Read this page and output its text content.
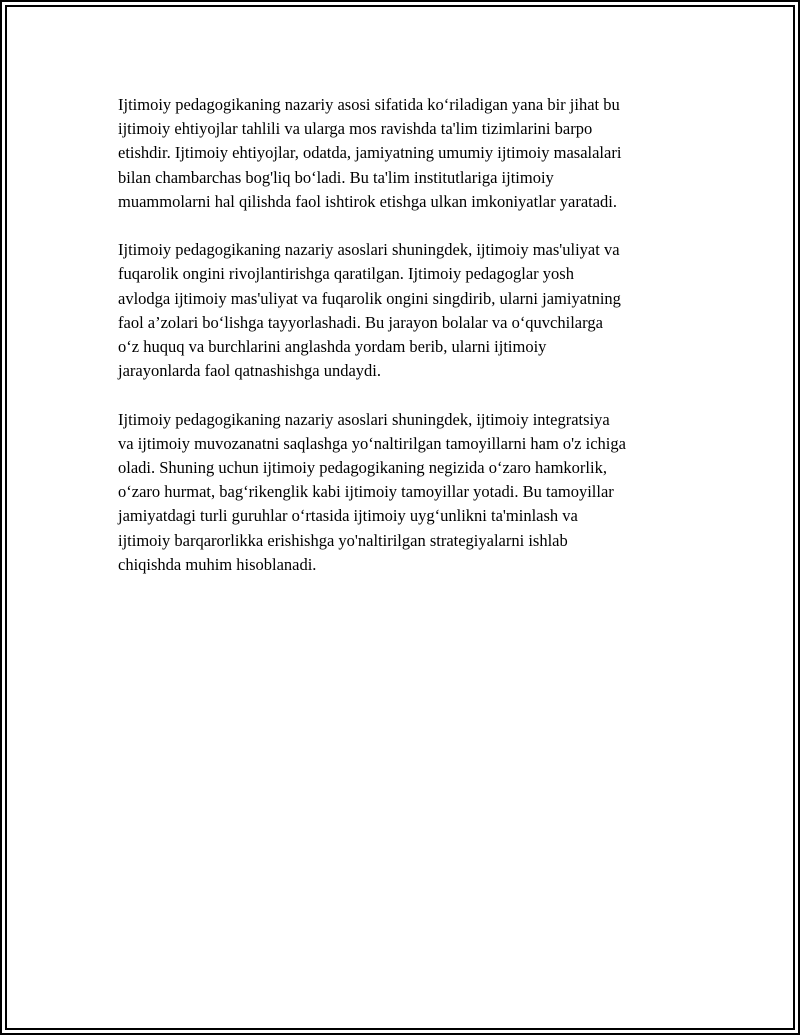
Ijtimoiy pedagogikaning nazariy asosi sifatida ko‘riladigan yana bir jihat bu
ijtimoiy ehtiyojlar tahlili va ularga mos ravishda ta'lim tizimlarini barpo
etishdir. Ijtimoiy ehtiyojlar, odatda, jamiyatning umumiy ijtimoiy masalalari
bilan chambarchas bog'liq bo‘ladi. Bu ta'lim institutlariga ijtimoiy
muammolarni hal qilishda faol ishtirok etishga ulkan imkoniyatlar yaratadi.

Ijtimoiy pedagogikaning nazariy asoslari shuningdek, ijtimoiy mas'uliyat va
fuqarolik ongini rivojlantirishga qaratilgan. Ijtimoiy pedagoglar yosh
avlodga ijtimoiy mas'uliyat va fuqarolik ongini singdirib, ularni jamiyatning
faol a’zolari bo‘lishga tayyorlashadi. Bu jarayon bolalar va o‘quvchilarga
o‘z huquq va burchlarini anglashda yordam berib, ularni ijtimoiy
jarayonlarda faol qatnashishga undaydi.

Ijtimoiy pedagogikaning nazariy asoslari shuningdek, ijtimoiy integratsiya
va ijtimoiy muvozanatni saqlashga yo‘naltirilgan tamoyillarni ham o'z ichiga
oladi. Shuning uchun ijtimoiy pedagogikaning negizida o‘zaro hamkorlik,
o‘zaro hurmat, bag‘rikenglik kabi ijtimoiy tamoyillar yotadi. Bu tamoyillar
jamiyatdagi turli guruhlar o‘rtasida ijtimoiy uyg‘unlikni ta'minlash va
ijtimoiy barqarorlikka erishishga yo'naltirilgan strategiyalarni ishlab
chiqishda muhim hisoblanadi.
